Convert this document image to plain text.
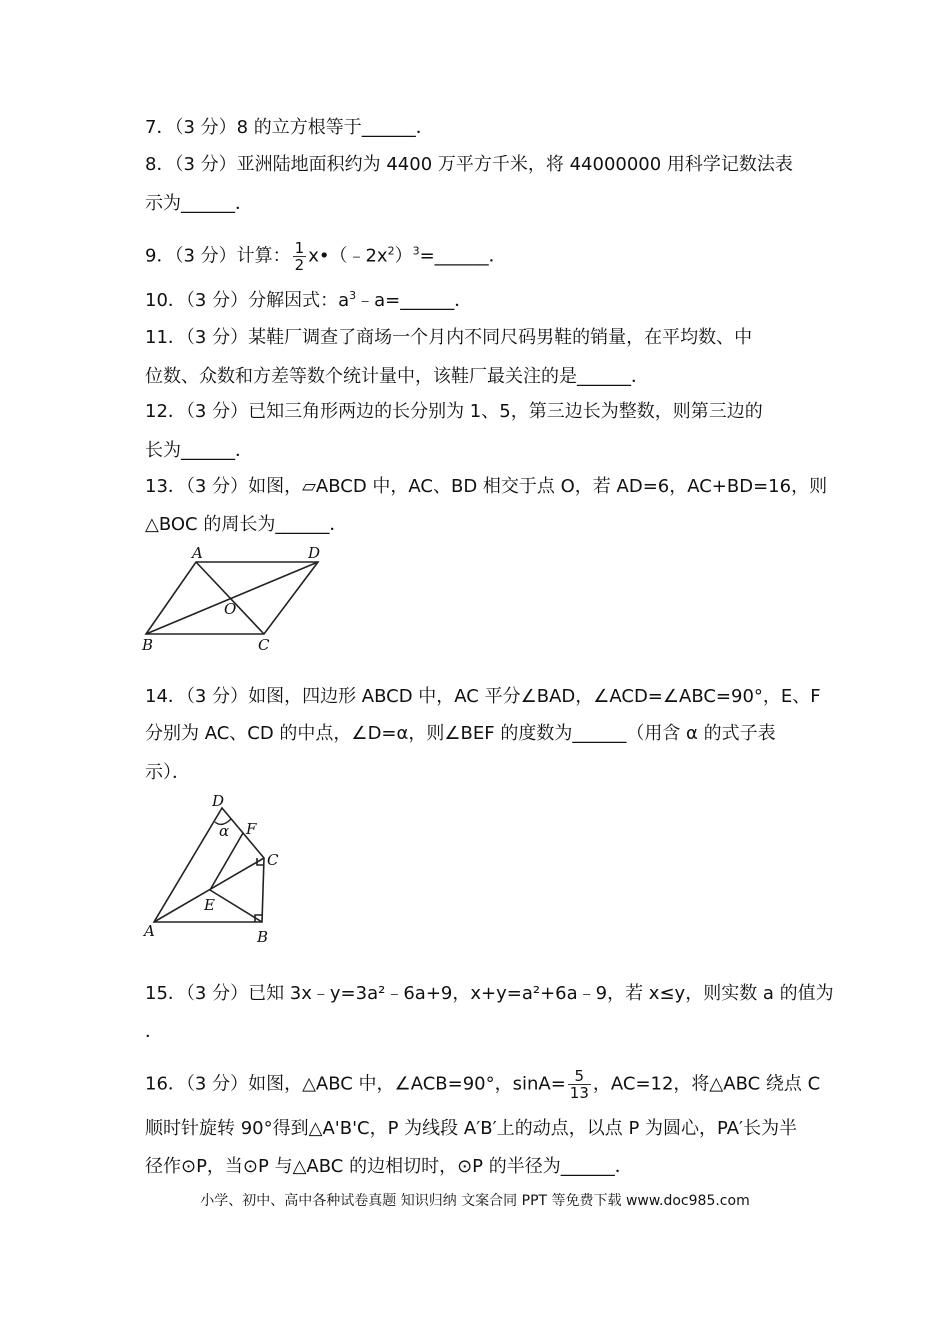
7．（3 分）8 的立方根等于______．
8．（3 分）亚洲陆地面积约为 4400 万平方千米，将 44000000 用科学记数法表
示为______．
9．（3 分）计算： $\frac{1}{2}$ $x•(﹣2x^2)^3=\_\_\_\_\_\_$．
10．（3 分）分解因式：$a^3﹣a=\_\_\_\_\_\_$．
11．（3 分）某鞋厂调查了商场一个月内不同尺码男鞋的销量，在平均数、中
位数、众数和方差等数个统计量中，该鞋厂最关注的是______．
12．（3 分）已知三角形两边的长分别为 1、5，第三边长为整数，则第三边的
长为______．
13．（3 分）如图，▱ABCD 中，AC、BD 相交于点 O，若 AD=6，AC+BD=16，则
△BOC 的周长为______．
A	D
O
B	C
14．（3 分）如图，四边形 ABCD 中，AC 平分∠BAD，∠ACD=∠ABC=90°，E、F
分别为 AC、CD 的中点，∠D=α，则∠BEF 的度数为______（用含 α 的式子表
示）．
D
α F
C
E
A	B
15．（3 分）已知 3x﹣y=3a²﹣6a+9，x+y=a²+6a﹣9，若 x≤y，则实数 a 的值为
．
16．（3 分）如图，△ABC 中，∠ACB=90°，$\sin A= \frac{5}{13}$ ，AC=12，将△ABC 绕点 C
顺时针旋转 90°得到△A'B'C，P 为线段 A′B′上的动点，以点 P 为圆心，PA′长为半
径作⊙P，当⊙P 与△ABC 的边相切时，⊙P 的半径为______．
小学、初中、高中各种试卷真题 知识归纳 文案合同 PPT 等免费下载 www.doc985.com
